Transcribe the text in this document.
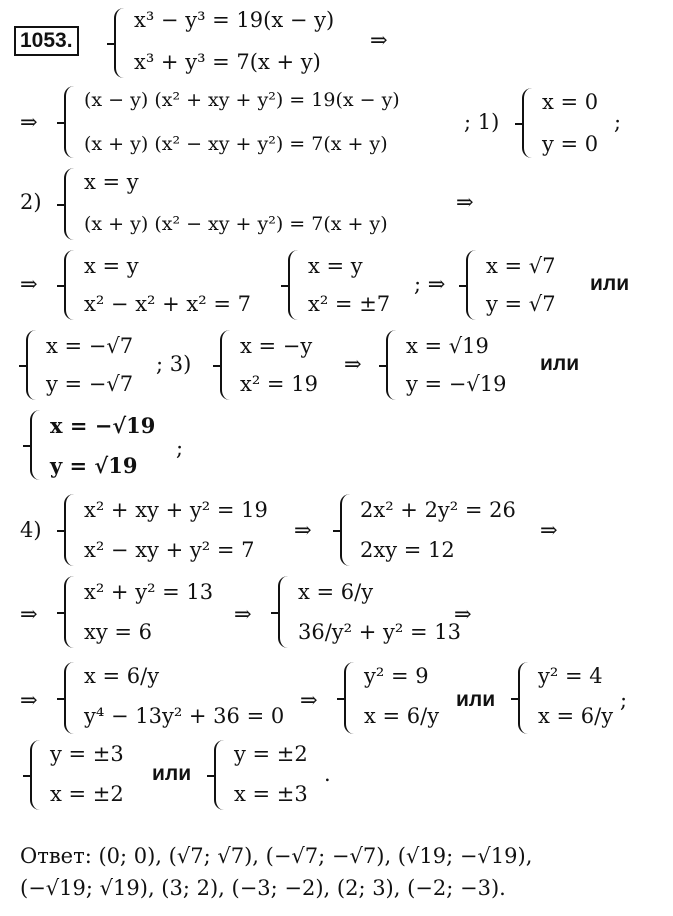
1053.
x³ − y³ = 19(x − y)
x³ + y³ = 7(x + y)
⇒
⇒
(x − y) (x² + xy + y²) = 19(x − y)
(x + y) (x² − xy + y²) = 7(x + y)
; 1)
x = 0
y = 0
;
2)
x = y
(x + y) (x² − xy + y²) = 7(x + y)
⇒
⇒
x = y
x² − x² + x² = 7
x = y
x² = ±7
; ⇒
x = √7
y = √7
или
x = −√7
y = −√7
; 3)
x = −y
x² = 19
⇒
x = √19
y = −√19
или
x = −√19
y = √19
;
4)
x² + xy + y² = 19
x² − xy + y² = 7
⇒
2x² + 2y² = 26
2xy = 12
⇒
⇒
x² + y² = 13
xy = 6
⇒
x = 6/y
36/y² + y² = 13
⇒
⇒
x = 6/y
y⁴ − 13y² + 36 = 0
⇒
y² = 9
x = 6/y
или
y² = 4
x = 6/y
;
y = ±3
x = ±2
или
y = ±2
x = ±3
.
Ответ: (0; 0), (√7; √7), (−√7; −√7), (√19; −√19),
(−√19; √19), (3; 2), (−3; −2), (2; 3), (−2; −3).
